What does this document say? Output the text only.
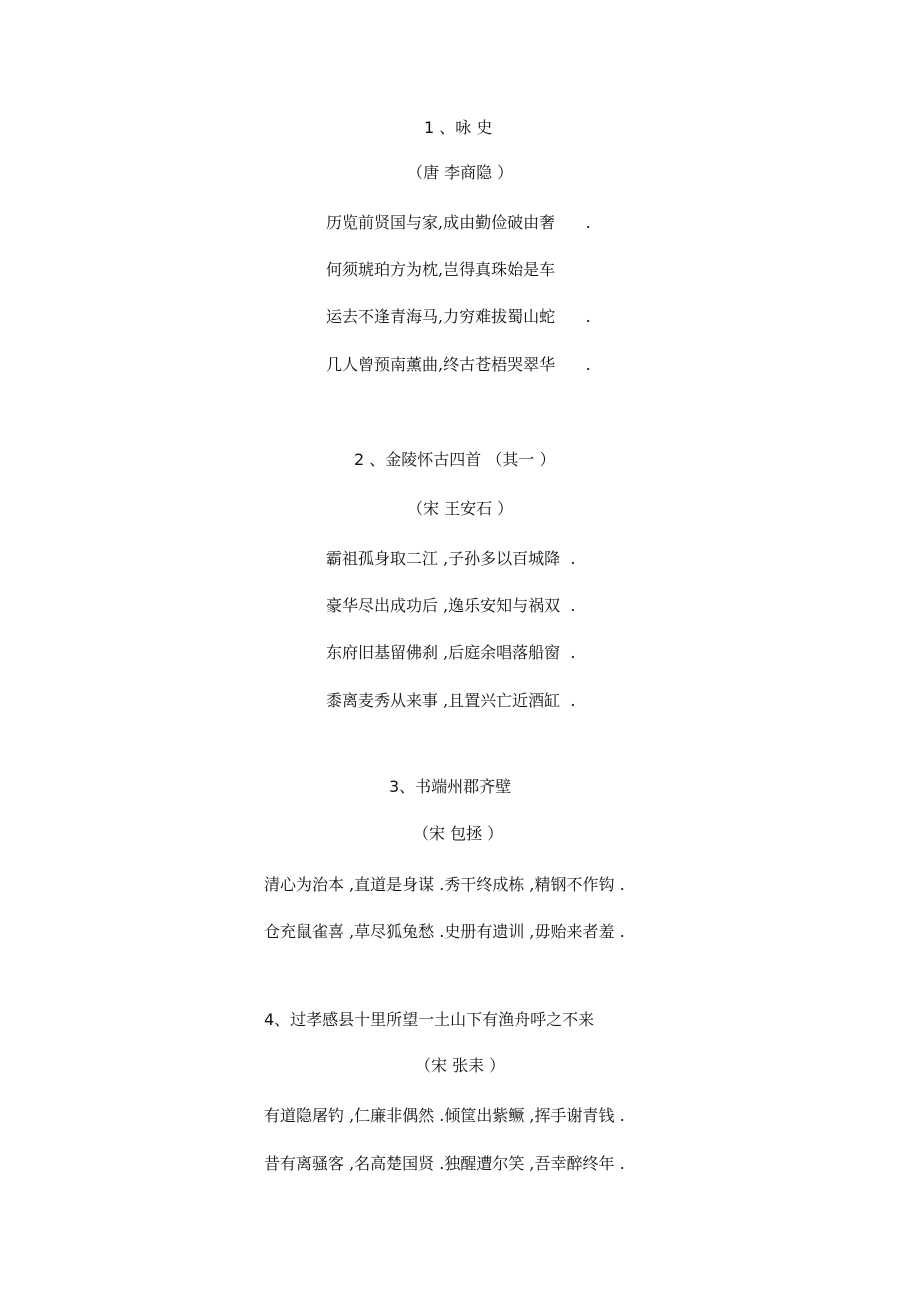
1 、咏 史
（唐 李商隐 ）
历览前贤国与家,成由勤俭破由奢      .
何须琥珀方为枕,岂得真珠始是车
运去不逢青海马,力穷难拔蜀山蛇      .
几人曾预南薰曲,终古苍梧哭翠华      .
2 、金陵怀古四首 （其一 ）
（宋 王安石 ）
霸祖孤身取二江 ,子孙多以百城降  .
豪华尽出成功后 ,逸乐安知与祸双  .
东府旧基留佛刹 ,后庭余唱落船窗  .
黍离麦秀从来事 ,且置兴亡近酒缸  .
3、书端州郡齐壁
（宋 包拯 ）
清心为治本 ,直道是身谋 .秀干终成栋 ,精钢不作钩 .
仓充鼠雀喜 ,草尽狐兔愁 .史册有遗训 ,毋贻来者羞 .
4、过孝感县十里所望一土山下有渔舟呼之不来
（宋 张耒 ）
有道隐屠钓 ,仁廉非偶然 .倾筐出紫鳜 ,挥手谢青钱 .
昔有离骚客 ,名高楚国贤 .独醒遭尔笑 ,吾幸醉终年 .
